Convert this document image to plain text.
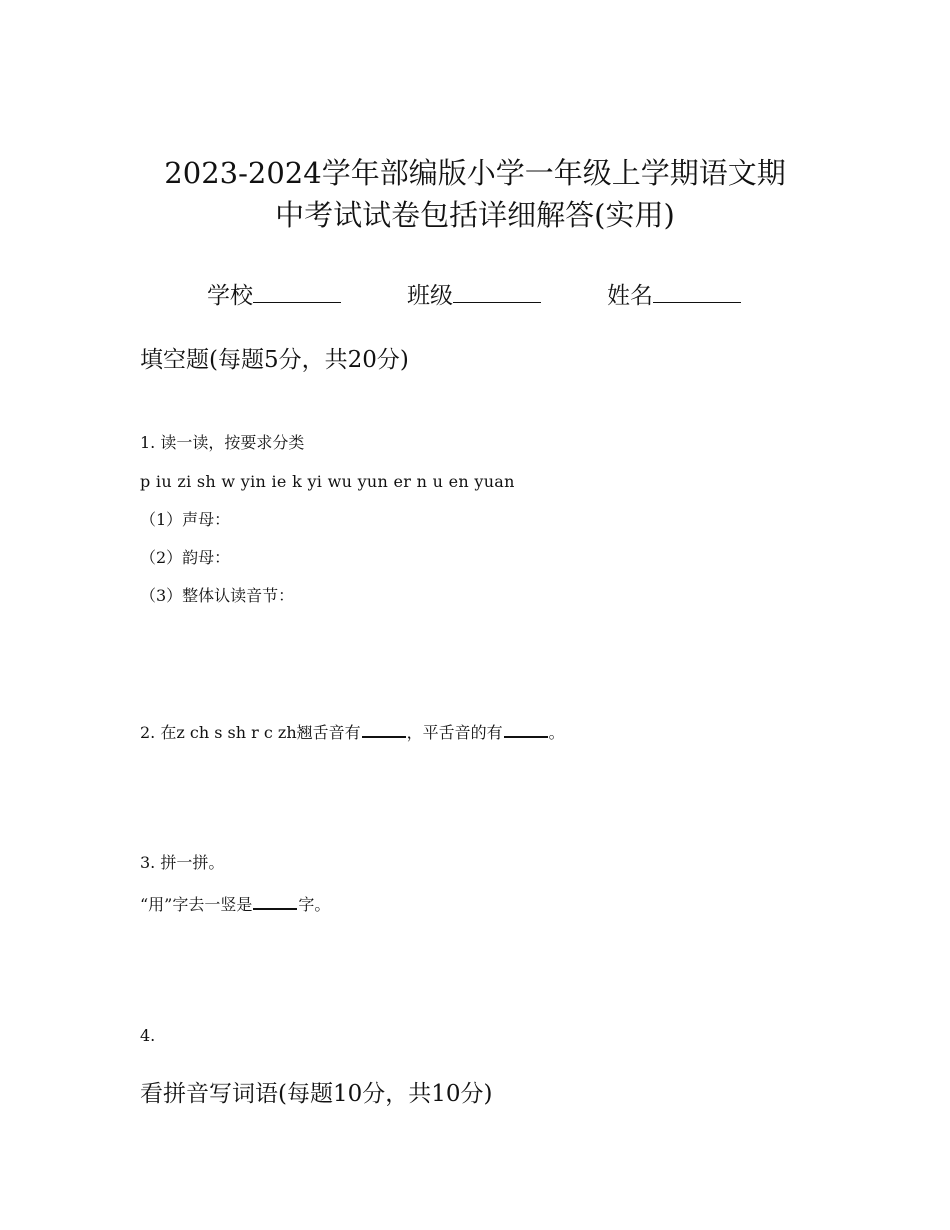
2023-2024学年部编版小学一年级上学期语文期
中考试试卷包括详细解答(实用)
学校	班级	姓名
填空题(每题5分，共20分)
1. 读一读，按要求分类
p iu zi sh w yin ie k yi wu yun er n u en yuan
（1）声母：
（2）韵母：
（3）整体认读音节：
2. 在z ch s sh r c zh翘舌音有	，平舌音的有	。
3. 拼一拼。
“用”字去一竖是	字。
4.
看拼音写词语(每题10分，共10分)
